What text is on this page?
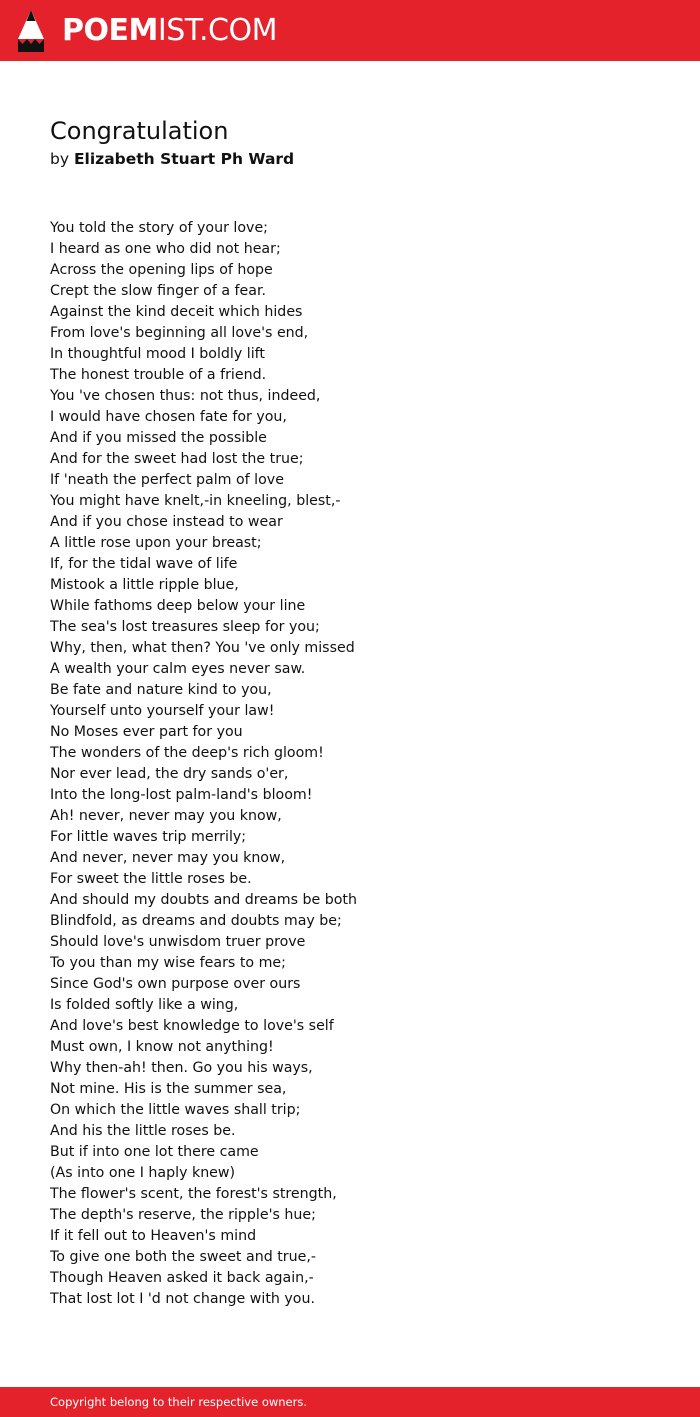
POEMIST.COM
Congratulation
by Elizabeth Stuart Ph Ward
You told the story of your love;
I heard as one who did not hear;
Across the opening lips of hope
Crept the slow finger of a fear.
Against the kind deceit which hides
From love's beginning all love's end,
In thoughtful mood I boldly lift
The honest trouble of a friend.
You 've chosen thus: not thus, indeed,
I would have chosen fate for you,
And if you missed the possible
And for the sweet had lost the true;
If 'neath the perfect palm of love
You might have knelt,-in kneeling, blest,-
And if you chose instead to wear
A little rose upon your breast;
If, for the tidal wave of life
Mistook a little ripple blue,
While fathoms deep below your line
The sea's lost treasures sleep for you;
Why, then, what then? You 've only missed
A wealth your calm eyes never saw.
Be fate and nature kind to you,
Yourself unto yourself your law!
No Moses ever part for you
The wonders of the deep's rich gloom!
Nor ever lead, the dry sands o'er,
Into the long-lost palm-land's bloom!
Ah! never, never may you know,
For little waves trip merrily;
And never, never may you know,
For sweet the little roses be.
And should my doubts and dreams be both
Blindfold, as dreams and doubts may be;
Should love's unwisdom truer prove
To you than my wise fears to me;
Since God's own purpose over ours
Is folded softly like a wing,
And love's best knowledge to love's self
Must own, I know not anything!
Why then-ah! then. Go you his ways,
Not mine. His is the summer sea,
On which the little waves shall trip;
And his the little roses be.
But if into one lot there came
(As into one I haply knew)
The flower's scent, the forest's strength,
The depth's reserve, the ripple's hue;
If it fell out to Heaven's mind
To give one both the sweet and true,-
Though Heaven asked it back again,-
That lost lot I 'd not change with you.
Copyright belong to their respective owners.
